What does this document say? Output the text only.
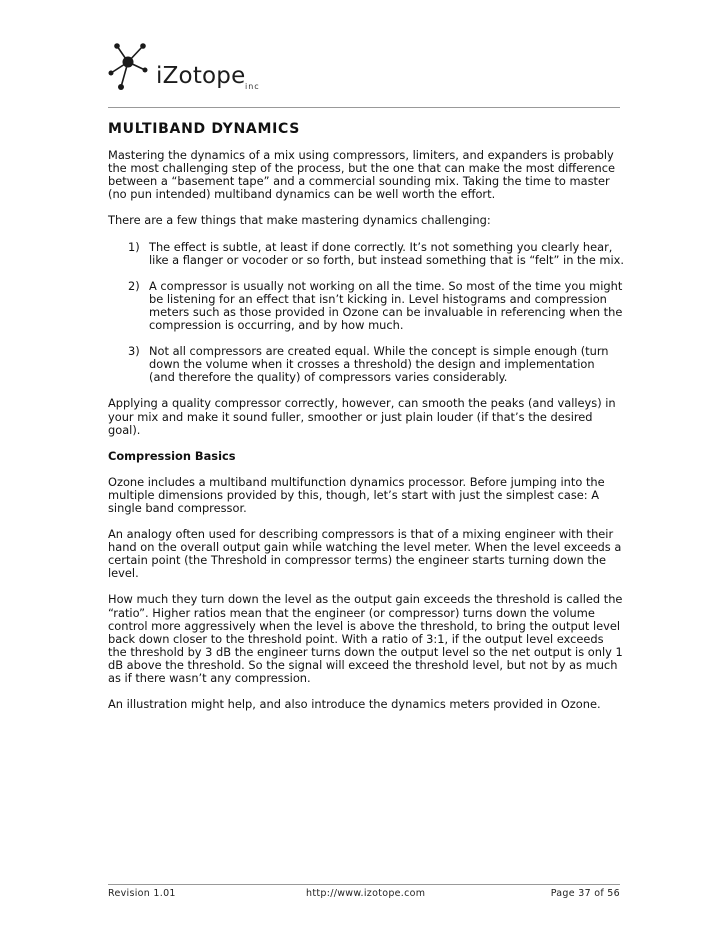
iZotope inc
MULTIBAND DYNAMICS

Mastering the dynamics of a mix using compressors, limiters, and expanders is probably the most challenging step of the process, but the one that can make the most difference between a “basement tape” and a commercial sounding mix. Taking the time to master (no pun intended) multiband dynamics can be well worth the effort.

There are a few things that make mastering dynamics challenging:

1) The effect is subtle, at least if done correctly. It’s not something you clearly hear, like a flanger or vocoder or so forth, but instead something that is “felt” in the mix.
2) A compressor is usually not working on all the time. So most of the time you might be listening for an effect that isn’t kicking in. Level histograms and compression meters such as those provided in Ozone can be invaluable in referencing when the compression is occurring, and by how much.
3) Not all compressors are created equal. While the concept is simple enough (turn down the volume when it crosses a threshold) the design and implementation (and therefore the quality) of compressors varies considerably.

Applying a quality compressor correctly, however, can smooth the peaks (and valleys) in your mix and make it sound fuller, smoother or just plain louder (if that’s the desired goal).

Compression Basics

Ozone includes a multiband multifunction dynamics processor. Before jumping into the multiple dimensions provided by this, though, let’s start with just the simplest case: A single band compressor.

An analogy often used for describing compressors is that of a mixing engineer with their hand on the overall output gain while watching the level meter. When the level exceeds a certain point (the Threshold in compressor terms) the engineer starts turning down the level.

How much they turn down the level as the output gain exceeds the threshold is called the “ratio”. Higher ratios mean that the engineer (or compressor) turns down the volume control more aggressively when the level is above the threshold, to bring the output level back down closer to the threshold point. With a ratio of 3:1, if the output level exceeds the threshold by 3 dB the engineer turns down the output level so the net output is only 1 dB above the threshold. So the signal will exceed the threshold level, but not by as much as if there wasn’t any compression.

An illustration might help, and also introduce the dynamics meters provided in Ozone.

Revision 1.01	http://www.izotope.com	Page 37 of 56
